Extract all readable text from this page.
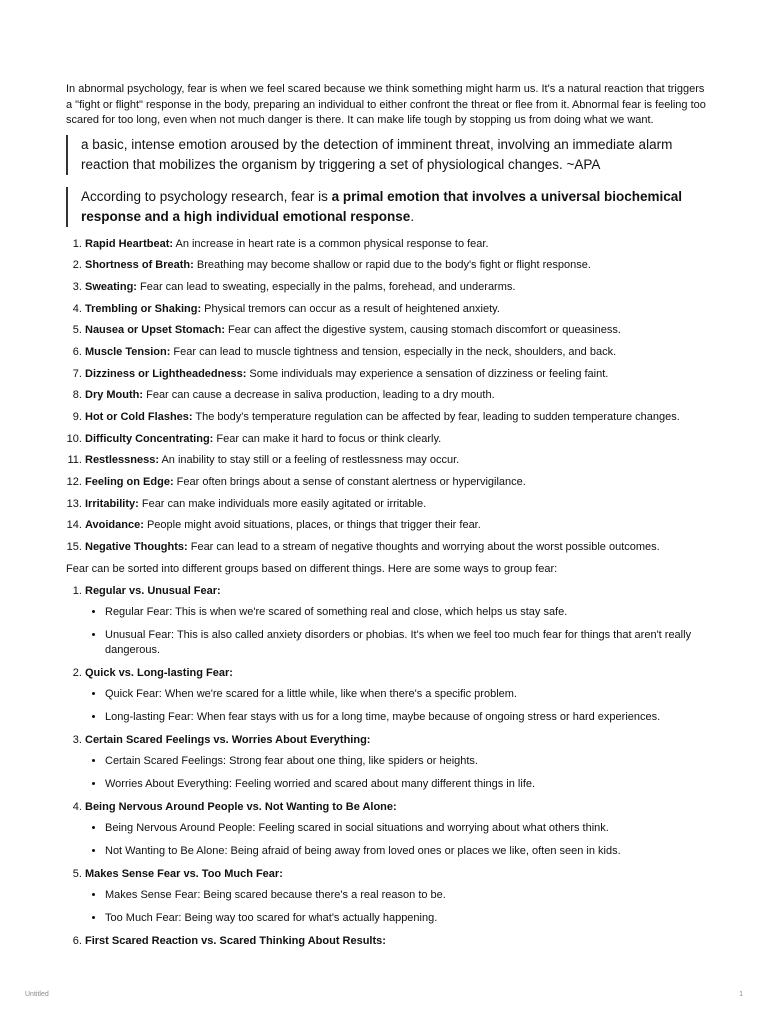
In abnormal psychology, fear is when we feel scared because we think something might harm us. It's a natural reaction that triggers a "fight or flight" response in the body, preparing an individual to either confront the threat or flee from it. Abnormal fear is feeling too scared for too long, even when not much danger is there. It can make life tough by stopping us from doing what we want.

a basic, intense emotion aroused by the detection of imminent threat, involving an immediate alarm reaction that mobilizes the organism by triggering a set of physiological changes. ~APA
According to psychology research, fear is a primal emotion that involves a universal biochemical response and a high individual emotional response.
1. Rapid Heartbeat: An increase in heart rate is a common physical response to fear.
2. Shortness of Breath: Breathing may become shallow or rapid due to the body's fight or flight response.
3. Sweating: Fear can lead to sweating, especially in the palms, forehead, and underarms.
4. Trembling or Shaking: Physical tremors can occur as a result of heightened anxiety.
5. Nausea or Upset Stomach: Fear can affect the digestive system, causing stomach discomfort or queasiness.
6. Muscle Tension: Fear can lead to muscle tightness and tension, especially in the neck, shoulders, and back.
7. Dizziness or Lightheadedness: Some individuals may experience a sensation of dizziness or feeling faint.
8. Dry Mouth: Fear can cause a decrease in saliva production, leading to a dry mouth.
9. Hot or Cold Flashes: The body's temperature regulation can be affected by fear, leading to sudden temperature changes.
10. Difficulty Concentrating: Fear can make it hard to focus or think clearly.
11. Restlessness: An inability to stay still or a feeling of restlessness may occur.
12. Feeling on Edge: Fear often brings about a sense of constant alertness or hypervigilance.
13. Irritability: Fear can make individuals more easily agitated or irritable.
14. Avoidance: People might avoid situations, places, or things that trigger their fear.
15. Negative Thoughts: Fear can lead to a stream of negative thoughts and worrying about the worst possible outcomes.

Fear can be sorted into different groups based on different things. Here are some ways to group fear:

1. Regular vs. Unusual Fear:
• Regular Fear: This is when we're scared of something real and close, which helps us stay safe.
• Unusual Fear: This is also called anxiety disorders or phobias. It's when we feel too much fear for things that aren't really dangerous.
2. Quick vs. Long-lasting Fear:
• Quick Fear: When we're scared for a little while, like when there's a specific problem.
• Long-lasting Fear: When fear stays with us for a long time, maybe because of ongoing stress or hard experiences.
3. Certain Scared Feelings vs. Worries About Everything:
• Certain Scared Feelings: Strong fear about one thing, like spiders or heights.
• Worries About Everything: Feeling worried and scared about many different things in life.
4. Being Nervous Around People vs. Not Wanting to Be Alone:
• Being Nervous Around People: Feeling scared in social situations and worrying about what others think.
• Not Wanting to Be Alone: Being afraid of being away from loved ones or places we like, often seen in kids.
5. Makes Sense Fear vs. Too Much Fear:
• Makes Sense Fear: Being scared because there's a real reason to be.
• Too Much Fear: Being way too scared for what's actually happening.
6. First Scared Reaction vs. Scared Thinking About Results:
Untitled	1
